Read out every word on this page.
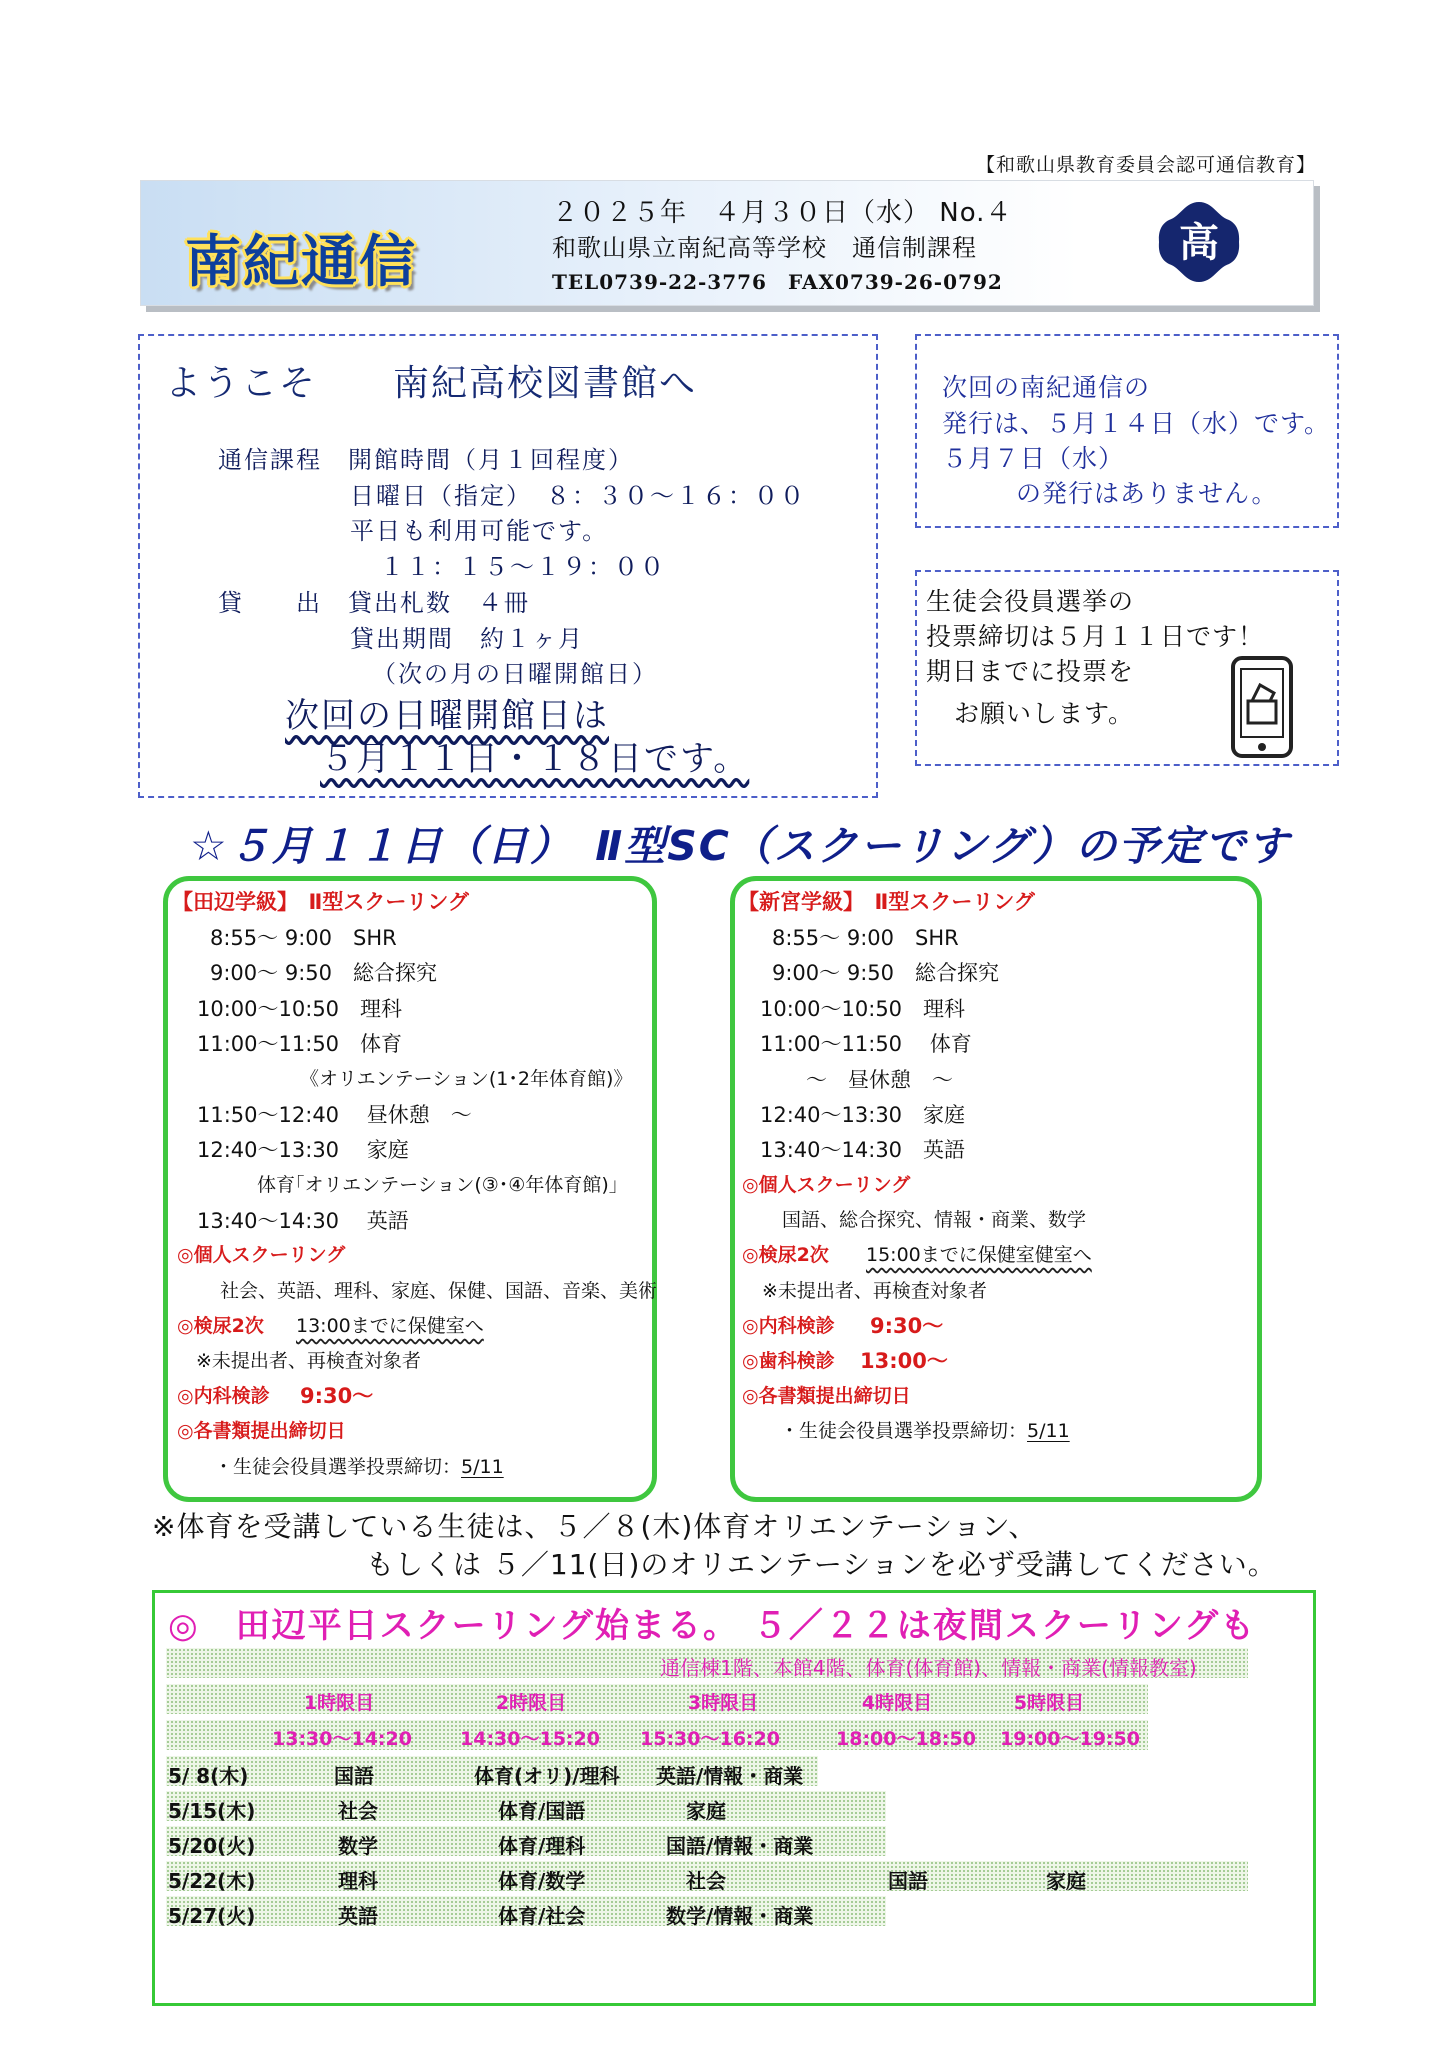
【和歌山県教育委員会認可通信教育】
南紀通信
２０２５年　４月３０日（水） No.４
和歌山県立南紀高等学校　通信制課程
TEL0739-22-3776　FAX0739-26-0792
高
ようこそ　　南紀高校図書館へ
通信課程　開館時間（月１回程度）
日曜日（指定）　８：３０～１６：００
平日も利用可能です。
１１：１５～１９：００
貸　　出　貸出札数　４冊
貸出期間　約１ヶ月
（次の月の日曜開館日）
次回の日曜開館日は
５月１１日・１８日です。
次回の南紀通信の
発行は、５月１４日（水）です。
５月７日（水）
の発行はありません。
生徒会役員選挙の
投票締切は５月１１日です！
期日までに投票を
お願いします。
☆５月１１日（日）　Ⅱ型SC（スクーリング）の予定です
【田辺学級】　Ⅱ型スクーリング
8:55～ 9:00　SHR
9:00～ 9:50　総合探究
10:00～10:50　理科
11:00～11:50　体育
《オリエンテーション(1･2年体育館)》
11:50～12:40　 昼休憩　～
12:40～13:30　 家庭
体育｢オリエンテーション(③･④年体育館)｣
13:40～14:30　 英語
◎個人スクーリング
社会、英語、理科、家庭、保健、国語、音楽、美術
◎検尿2次 13:00までに保健室へ
※未提出者、再検査対象者
◎内科検診 9:30～
◎各書類提出締切日
・生徒会役員選挙投票締切：5/11
【新宮学級】　Ⅱ型スクーリング
8:55～ 9:00　SHR
9:00～ 9:50　総合探究
10:00～10:50　理科
11:00～11:50　 体育
～　昼休憩　～
12:40～13:30　家庭
13:40～14:30　英語
◎個人スクーリング
国語、総合探究、情報・商業、数学
◎検尿2次 15:00までに保健室健室へ
※未提出者、再検査対象者
◎内科検診 9:30～
◎歯科検診 13:00～
◎各書類提出締切日
・生徒会役員選挙投票締切：5/11
※体育を受講している生徒は、５／８(木)体育オリエンテーション、
もしくは ５／11(日)のオリエンテーションを必ず受講してください。
◎　田辺平日スクーリング始まる。 ５／２２は夜間スクーリングも
通信棟1階、本館4階、体育(体育館)、情報・商業(情報教室)
1時限目	2時限目	3時限目	4時限目	5時限目
13:30～14:20	14:30～15:20	15:30～16:20	18:00～18:50	19:00～19:50
5/ 8(木)	国語	体育(オリ)/理科 英語/情報・商業
5/15(木)	社会	体育/国語	家庭
5/20(火)	数学	体育/理科	国語/情報・商業
5/22(木)	理科	体育/数学	社会	国語	家庭
5/27(火)	英語	体育/社会	数学/情報・商業
